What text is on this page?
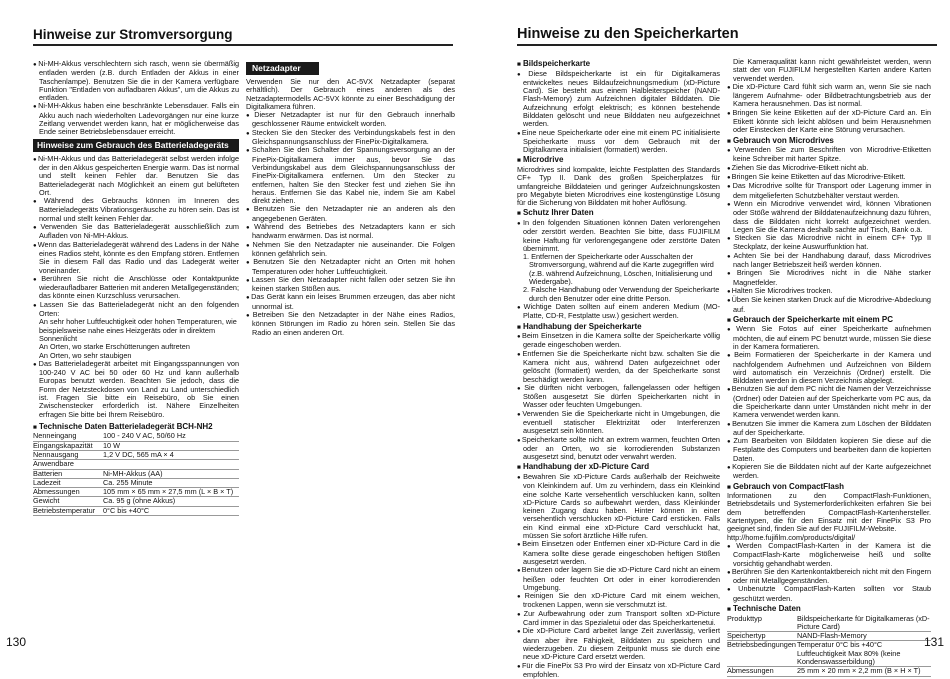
Hinweise zur Stromversorgung
● Ni-MH-Akkus verschlechtern sich rasch, wenn sie übermäßig entladen werden (z.B. durch Entladen der Akkus in einer Taschenlampe). Benutzen Sie die in der Kamera verfügbare Funktion "Entladen von aufladbaren Akkus", um die Akkus zu entladen.
● Ni-MH-Akkus haben eine beschränkte Lebensdauer. Falls ein Akku auch nach wiederholten Ladevorgängen nur eine kurze Zeitlang verwendet werden kann, hat er möglicherweise das Ende seiner Betriebslebensdauer erreicht.
Hinweise zum Gebrauch des Batterieladegeräts
● Ni-MH-Akkus und das Batterieladegerät selbst werden infolge der in den Akkus gespeicherten Energie warm. Das ist normal und stellt keinen Fehler dar. Benutzen Sie das Batterieladegerät nach Möglichkeit an einem gut belüfteten Ort.
● Während des Gebrauchs können im Inneren des Batterieladegeräts Vibrationsgeräusche zu hören sein. Das ist normal und stellt keinen Fehler dar.
● Verwenden Sie das Batterieladegerät ausschließlich zum Aufladen von Ni-MH-Akkus.
● Wenn das Batterieladegerät während des Ladens in der Nähe eines Radios steht, könnte es den Empfang stören. Entfernen Sie in diesem Fall das Radio und das Ladegerät weiter voneinander.
● Berühren Sie nicht die Anschlüsse oder Kontaktpunkte wiederaufladbarer Batterien mit anderen Metallgegenständen; das könnte einen Kurzschluss verursachen.
● Lassen Sie das Batterieladegerät nicht an den folgenden Orten:
An sehr hoher Luftfeuchtigkeit oder hohen Temperaturen, wie beispielsweise nahe eines Heizgeräts oder in direktem Sonnenlicht
An Orten, wo starke Erschütterungen auftreten
An Orten, wo sehr staubigen
● Das Batterieladegerät arbeitet mit Eingangsspannungen von 100-240 V AC bei 50 oder 60 Hz und kann außerhalb Europas benutzt werden. Beachten Sie jedoch, dass die Form der Netzsteckdosen von Land zu Land unterschiedlich ist. Fragen Sie bitte ein Reisebüro, ob Sie einen Zwischenstecker erforderlich ist. Nähere Einzelheiten erfragen Sie bitte bei Ihrem Reisebüro.
■ Technische Daten Batterieladegerät BCH-NH2
Nenneingang	100 - 240 V AC, 50/60 Hz
Eingangskapazität	10 W
Nennausgang	1,2 V DC, 565 mA × 4
Anwendbare	
Batterien	Ni-MH-Akkus (AA)
Ladezeit	Ca. 255 Minute
Abmessungen	105 mm × 65 mm × 27,5 mm (L × B × T)
Gewicht	Ca. 95 g (ohne Akkus)
Betriebstemperatur	0°C bis +40°C
Netzadapter
Verwenden Sie nur den AC-5VX Netzadapter (separat erhältlich). Der Gebrauch eines anderen als des Netzadaptermodells AC-5VX könnte zu einer Beschädigung der Digitalkamera führen.
● Dieser Netzadapter ist nur für den Gebrauch innerhalb geschlossener Räume entwickelt worden.
● Stecken Sie den Stecker des Verbindungskabels fest in den Gleichspannungsanschluss der FinePix-Digitalkamera.
● Schalten Sie den Schalter der Spannungsversorgung an der FinePix-Digitalkamera immer aus, bevor Sie das Verbindungskabel aus dem Gleichspannungsanschluss der FinePix-Digitalkamera entfernen. Um den Stecker zu entfernen, halten Sie den Stecker fest und ziehen Sie ihn heraus. Entfernen Sie das Kabel nie, indem Sie am Kabel direkt ziehen.
● Benutzen Sie den Netzadapter nie an anderen als den angegebenen Geräten.
● Während des Betriebes des Netzadapters kann er sich handwarm erwärmen. Das ist normal.
● Nehmen Sie den Netzadapter nie auseinander. Die Folgen können gefährlich sein.
● Benutzen Sie den Netzadapter nicht an Orten mit hohen Temperaturen oder hoher Luftfeuchtigkeit.
● Lassen Sie den Netzadapter nicht fallen oder setzen Sie ihn keinen starken Stößen aus.
● Das Gerät kann ein leises Brummen erzeugen, das aber nicht unnormal ist.
● Betreiben Sie den Netzadapter in der Nähe eines Radios, können Störungen im Radio zu hören sein. Stellen Sie das Radio an einen anderen Ort.
130
Hinweise zu den Speicherkarten
■ Bildspeicherkarte
● Diese Bildspeicherkarte ist ein für Digitalkameras entwickeltes neues Bildaufzeichnungsmedium (xD-Picture Card). Sie besteht aus einem Halbleiterspeicher (NAND-Flash-Memory) zum Aufzeichnen digitaler Bilddaten. Die Aufzeichnung erfolgt elektrisch; es können bestehende Bilddaten gelöscht und neue Bilddaten neu aufgezeichnet werden.
● Eine neue Speicherkarte oder eine mit einem PC initialisierte Speicherkarte muss vor dem Gebrauch mit der Digitalkamera initialisiert (formatiert) werden.
■ Microdrive
Microdrives sind kompakte, leichte Festplatten des Standards CF+ Typ II. Dank des großen Speicherplatzes für umfangreiche Bilddateien und geringer Aufzeichnungskosten pro Megabyte bieten Microdrives eine kostengünstige Lösung für die Sicherung von Bilddaten mit hoher Auflösung.
■ Schutz Ihrer Daten
● In den folgenden Situationen können Daten verlorengehen oder zerstört werden. Beachten Sie bitte, dass FUJIFILM keine Haftung für verlorengegangene oder zerstörte Daten übernimmt.
1. Entfernen der Speicherkarte oder Ausschalten der Stromversorgung, während auf die Karte zugegriffen wird (z.B. während Aufzeichnung, Löschen, Initialisierung und Wiedergabe).
2. Falsche Handhabung oder Verwendung der Speicherkarte durch den Benutzer oder eine dritte Person.
● Wichtige Daten sollten auf einem anderen Medium (MO-Platte, CD-R, Festplatte usw.) gesichert werden.
■ Handhabung der Speicherkarte
● Beim Einsetzen in die Kamera sollte der Speicherkarte völlig gerade eingeschoben werden.
● Entfernen Sie die Speicherkarte nicht bzw. schalten Sie die Kamera nicht aus, während Daten aufgezeichnet oder gelöscht (formatiert) werden, da der Speicherkarte sonst beschädigt werden kann.
● Sie dürften nicht verbogen, fallengelassen oder heftigen Stößen ausgesetzt Sie dürfen Speicherkarten nicht in Wasser oder feuchten Umgebungen.
● Verwenden Sie die Speicherkarte nicht in Umgebungen, die eventuell statischer Elektrizität oder Interferenzen ausgesetzt sein könnten.
● Speicherkarte sollte nicht an extrem warmen, feuchten Orten oder an Orten, wo sie korrodierenden Substanzen ausgesetzt sind, benutzt oder verwahrt werden.
■ Handhabung der xD-Picture Card
● Bewahren Sie xD-Picture Cards außerhalb der Reichweite von Kleinkindern auf. Um zu verhindern, dass ein Kleinkind eine solche Karte versehentlich verschlucken kann, sollten xD-Picture Cards so aufbewahrt werden, dass Kleinkinder keinen Zugang dazu haben. Hinter können in einer versehentlich verschlucken xD-Picture Card ersticken. Falls ein Kind einmal eine xD-Picture Card verschluckt hat, müssen Sie sofort ärztliche Hilfe rufen.
● Beim Einsetzen oder Entfernen einer xD-Picture Card in die Kamera sollte diese gerade eingeschoben heftigen Stößen ausgesetzt werden.
● Benutzen oder lagern Sie die xD-Picture Card nicht an einem heißen oder feuchten Ort oder in einer korrodierenden Umgebung.
● Reinigen Sie den xD-Picture Card mit einem weichen, trockenen Lappen, wenn sie verschmutzt ist.
● Zur Aufbewahrung oder zum Transport sollten xD-Picture Card immer in das Spezialetui oder das Speicherkartenetui.
● Die xD-Picture Card arbeitet lange Zeit zuverlässig, verliert dann aber ihre Fähigkeit, Bilddaten zu speichern und wiederzugeben. Zu diesem Zeitpunkt muss sie durch eine neue xD-Picture Card ersetzt werden.
● Für die FinePix S3 Pro wird der Einsatz von xD-Picture Card empfohlen.
Die Kameraqualität kann nicht gewährleistet werden, wenn statt der von FUJIFILM hergestellten Karten andere Karten verwendet werden.
● Die xD-Picture Card fühlt sich warm an, wenn Sie sie nach längerem Aufnahme- oder Bildbetrachtungsbetrieb aus der Kamera herausnehmen. Das ist normal.
● Bringen Sie keine Etiketten auf der xD-Picture Card an. Ein Etikett könnte sich leicht ablösen und beim Herausnehmen oder Einstecken der Karte eine Störung verursachen.
■ Gebrauch von Microdrives
● Verwenden Sie zum Beschriften von Microdrive-Etiketten keine Schreiber mit harter Spitze.
● Ziehen Sie das Microdrive-Etikett nicht ab.
● Bringen Sie keine Etiketten auf das Microdrive-Etikett.
● Das Microdrive sollte für Transport oder Lagerung immer in dem mitgelieferten Schutzbehälter verstaut werden.
● Wenn ein Microdrive verwendet wird, können Vibrationen oder Stöße während der Bilddatenaufzeichnung dazu führen, dass die Bilddaten nicht korrekt aufgezeichnet werden. Legen Sie die Kamera deshalb sachte auf Tisch, Bank o.ä.
● Stecken Sie das Microdrive nicht in einem CF+ Typ II Steckplatz, der keine Auswurffunktion hat.
● Achten Sie bei der Handhabung darauf, dass Microdrives nach langer Betriebszeit heiß werden können.
● Bringen Sie Microdrives nicht in die Nähe starker Magnetfelder.
● Halten Sie Microdrives trocken.
● Üben Sie keinen starken Druck auf die Microdrive-Abdeckung auf.
■ Gebrauch der Speicherkarte mit einem PC
● Wenn Sie Fotos auf einer Speicherkarte aufnehmen möchten, die auf einem PC benutzt wurde, müssen Sie diese in der Kamera formatieren.
● Beim Formatieren der Speicherkarte in der Kamera und nachfolgendem Aufnehmen und Aufzeichnen von Bildern wird automatisch ein Verzeichnis (Ordner) erstellt. Die Bilddaten werden in diesem Verzeichnis abgelegt.
● Benutzen Sie auf dem PC nicht die Namen der Verzeichnisse (Ordner) oder Dateien auf der Speicherkarte vom PC aus, da die Speicherkarte dann unter Umständen nicht mehr in der Kamera verwendet werden kann.
● Benutzen Sie immer die Kamera zum Löschen der Bilddaten auf der Speicherkarte.
● Zum Bearbeiten von Bilddaten kopieren Sie diese auf die Festplatte des Computers und bearbeiten dann die kopierten Daten.
● Kopieren Sie die Bilddaten nicht auf der Karte aufgezeichnet werden.
■ Gebrauch von CompactFlash
Informationen zu den CompactFlash-Funktionen, Betriebsdetails und Systemerforderlichkeiten erfahren Sie bei dem betreffenden CompactFlash-Kartenhersteller. Kartentypen, die für den Einsatz mit der FinePix S3 Pro geeignet sind, finden Sie auf der FUJIFILM-Website.
http://home.fujifilm.com/products/digital/
● Werden CompactFlash-Karten in der Kamera ist die CompactFlash-Karte möglicherweise heiß und sollte vorsichtig gehandhabt werden.
● Berühren Sie den Kartenkontaktbereich nicht mit den Fingern oder mit Metallgegenständen.
● Unbenutzte CompactFlash-Karten sollten vor Staub geschützt werden.
■ Technische Daten
Produkttyp	Bildspeicherkarte für Digitalkameras (xD-Picture Card)
Speichertyp	NAND-Flash-Memory
Betriebsbedingungen	Temperatur 0°C bis +40°C Luftfeuchtigkeit Max 80% (keine Kondenswasserbildung)
Abmessungen	25 mm × 20 mm × 2,2 mm (B × H × T)
131
